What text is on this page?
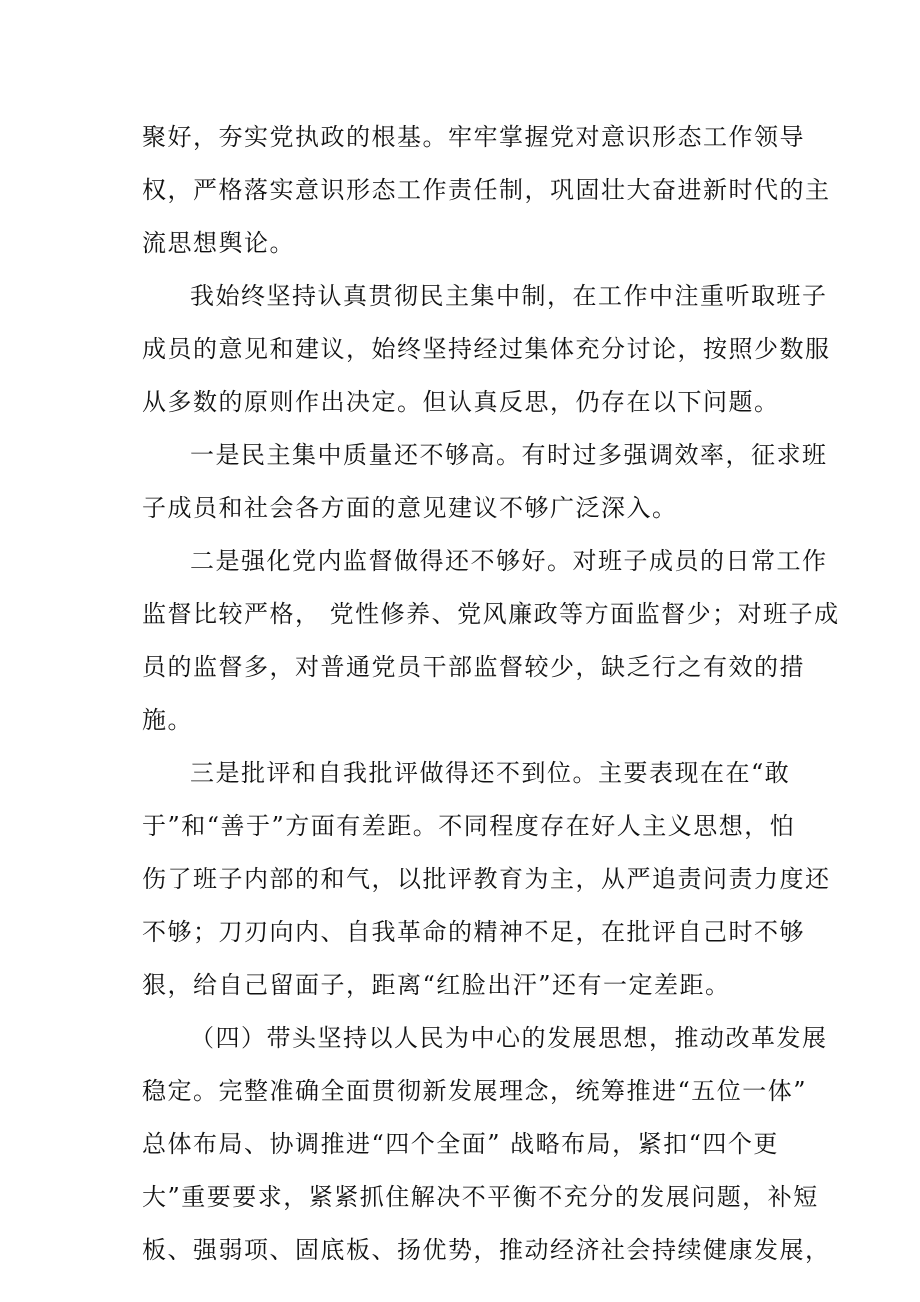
聚好，夯实党执政的根基。牢牢掌握党对意识形态工作领导
权，严格落实意识形态工作责任制，巩固壮大奋进新时代的主
流思想舆论。
我始终坚持认真贯彻民主集中制，在工作中注重听取班子
成员的意见和建议，始终坚持经过集体充分讨论，按照少数服
从多数的原则作出决定。但认真反思，仍存在以下问题。
一是民主集中质量还不够高。有时过多强调效率，征求班
子成员和社会各方面的意见建议不够广泛深入。
二是强化党内监督做得还不够好。对班子成员的日常工作
监督比较严格， 党性修养、党风廉政等方面监督少；对班子成
员的监督多，对普通党员干部监督较少，缺乏行之有效的措
施。
三是批评和自我批评做得还不到位。主要表现在在“敢
于”和“善于”方面有差距。不同程度存在好人主义思想，怕
伤了班子内部的和气，以批评教育为主，从严追责问责力度还
不够；刀刃向内、自我革命的精神不足，在批评自己时不够
狠，给自己留面子，距离“红脸出汗”还有一定差距。
（四）带头坚持以人民为中心的发展思想，推动改革发展
稳定。完整准确全面贯彻新发展理念，统筹推进“五位一体”
总体布局、协调推进“四个全面” 战略布局，紧扣“四个更
大”重要要求，紧紧抓住解决不平衡不充分的发展问题，补短
板、强弱项、固底板、扬优势，推动经济社会持续健康发展，
